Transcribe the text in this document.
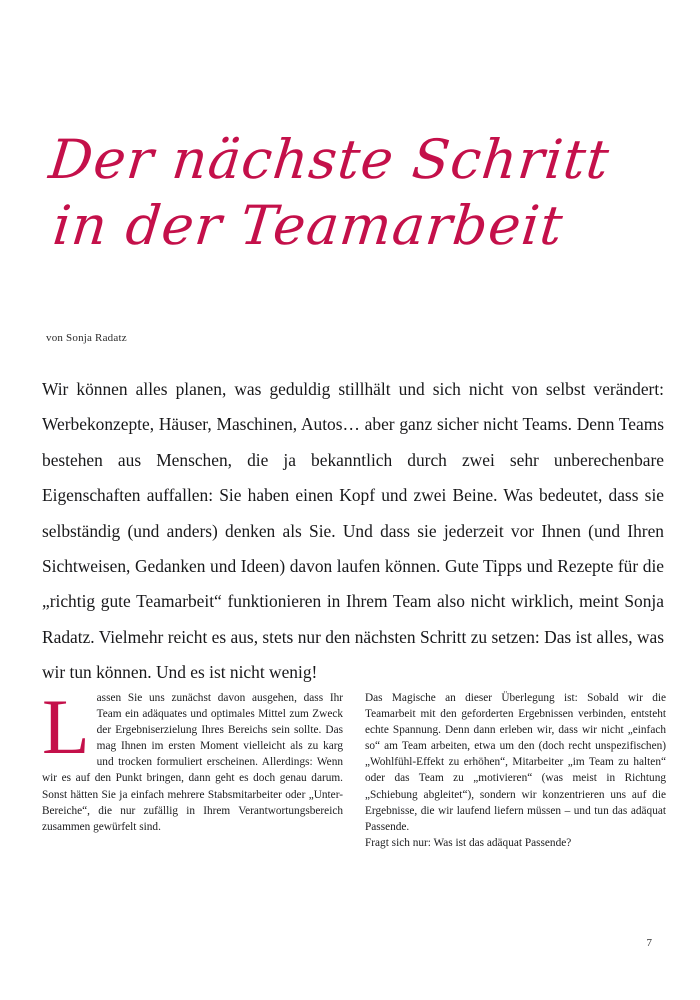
Der nächste Schritt
in der Teamarbeit
von Sonja Radatz
Wir können alles planen, was geduldig stillhält und sich nicht von selbst verändert: Werbekonzepte, Häuser, Maschinen, Autos… aber ganz sicher nicht Teams. Denn Teams bestehen aus Menschen, die ja bekanntlich durch zwei sehr unberechenbare Eigenschaften auffallen: Sie haben einen Kopf und zwei Beine. Was bedeutet, dass sie selbständig (und anders) denken als Sie. Und dass sie jederzeit vor Ihnen (und Ihren Sichtweisen, Gedanken und Ideen) davon laufen können. Gute Tipps und Rezepte für die „richtig gute Teamarbeit“ funktionieren in Ihrem Team also nicht wirklich, meint Sonja Radatz. Vielmehr reicht es aus, stets nur den nächsten Schritt zu setzen: Das ist alles, was wir tun können. Und es ist nicht wenig!

Lassen Sie uns zunächst davon ausgehen, dass Ihr Team ein adäquates und optimales Mittel zum Zweck der Ergebniserzielung Ihres Bereichs sein sollte. Das mag Ihnen im ersten Moment vielleicht als zu karg und trocken formuliert erscheinen. Allerdings: Wenn wir es auf den Punkt bringen, dann geht es doch genau darum. Sonst hätten Sie ja einfach mehrere Stabsmitarbeiter oder „Unter-Bereiche“, die nur zufällig in Ihrem Verantwortungsbereich zusammen gewürfelt sind.

Das Magische an dieser Überlegung ist: Sobald wir die Teamarbeit mit den geforderten Ergebnissen verbinden, entsteht echte Spannung. Denn dann erleben wir, dass wir nicht „einfach so“ am Team arbeiten, etwa um den (doch recht unspezifischen) „Wohlfühl-Effekt zu erhöhen“, Mitarbeiter „im Team zu halten“ oder das Team zu „motivieren“ (was meist in Richtung „Schiebung abgleitet“), sondern wir konzentrieren uns auf die Ergebnisse, die wir laufend liefern müssen – und tun das adäquat Passende.

Fragt sich nur: Was ist das adäquat Passende?

7
